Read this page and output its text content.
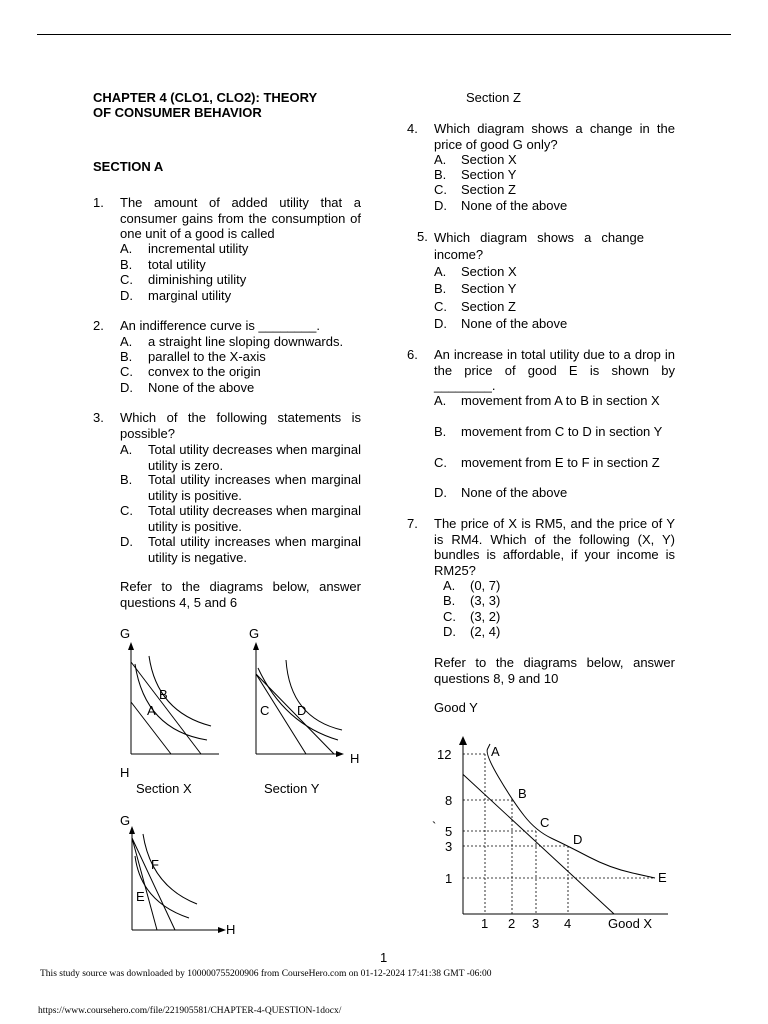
CHAPTER 4 (CLO1, CLO2): THEORY
OF CONSUMER BEHAVIOR
SECTION A
1. The amount of added utility that a consumer gains from the consumption of one unit of a good is called
A. incremental utility
B. total utility
C. diminishing utility
D. marginal utility
2. An indifference curve is ________.
A. a straight line sloping downwards.
B. parallel to the X-axis
C. convex to the origin
D. None of the above
3. Which of the following statements is possible?
A. Total utility decreases when marginal utility is zero.
B. Total utility increases when marginal utility is positive.
C. Total utility decreases when marginal utility is positive.
D. Total utility increases when marginal utility is negative.
Refer to the diagrams below, answer questions 4, 5 and 6
G
A
B
H
Section X
G
C D
H
Section Y
G
F
E
H
Section Z
4. Which diagram shows a change in the price of good G only?
A. Section X
B. Section Y
C. Section Z
D. None of the above
5. Which diagram shows a change income?
A. Section X
B. Section Y
C. Section Z
D. None of the above
6. An increase in total utility due to a drop in the price of good E is shown by ________.
A. movement from A to B in section X
B. movement from C to D in section Y
C. movement from E to F in section Z
D. None of the above
7. The price of X is RM5, and the price of Y is RM4. Which of the following (X, Y) bundles is affordable, if your income is RM25?
A. (0, 7)
B. (3, 3)
C. (3, 2)
D. (2, 4)
Refer to the diagrams below, answer questions 8, 9 and 10
Good Y
12
8
5
3
1
1 2 3 4
A
B
C
D
E
`
Good X
1
This study source was downloaded by 100000755200906 from CourseHero.com on 01-12-2024 17:41:38 GMT -06:00
https://www.coursehero.com/file/221905581/CHAPTER-4-QUESTION-1docx/
